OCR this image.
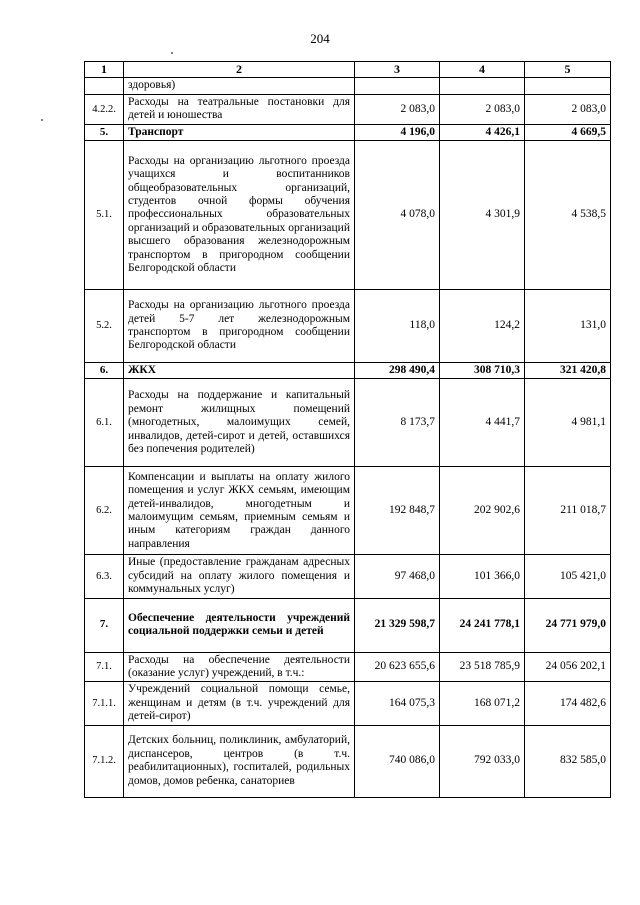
204
1	2	3	4	5
	здоровья)			
4.2.2.	Расходы на театральные постановки для детей и юношества	2 083,0	2 083,0	2 083,0
5.	Транспорт	4 196,0	4 426,1	4 669,5
5.1.	Расходы на организацию льготного проезда учащихся и воспитанников общеобразовательных организаций, студентов очной формы обучения профессиональных образовательных организаций и образовательных организаций высшего образования железнодорожным транспортом в пригородном сообщении Белгородской области	4 078,0	4 301,9	4 538,5
5.2.	Расходы на организацию льготного проезда детей 5-7 лет железнодорожным транспортом в пригородном сообщении Белгородской области	118,0	124,2	131,0
6.	ЖКХ	298 490,4	308 710,3	321 420,8
6.1.	Расходы на поддержание и капитальный ремонт жилищных помещений (многодетных, малоимущих семей, инвалидов, детей-сирот и детей, оставшихся без попечения родителей)	8 173,7	4 441,7	4 981,1
6.2.	Компенсации и выплаты на оплату жилого помещения и услуг ЖКХ семьям, имеющим детей-инвалидов, многодетным и малоимущим семьям, приемным семьям и иным категориям граждан данного направления	192 848,7	202 902,6	211 018,7
6.3.	Иные (предоставление гражданам адресных субсидий на оплату жилого помещения и коммунальных услуг)	97 468,0	101 366,0	105 421,0
7.	Обеспечение деятельности учреждений социальной поддержки семьи и детей	21 329 598,7	24 241 778,1	24 771 979,0
7.1.	Расходы на обеспечение деятельности (оказание услуг) учреждений, в т.ч.:	20 623 655,6	23 518 785,9	24 056 202,1
7.1.1.	Учреждений социальной помощи семье, женщинам и детям (в т.ч. учреждений для детей-сирот)	164 075,3	168 071,2	174 482,6
7.1.2.	Детских больниц, поликлиник, амбулаторий, диспансеров, центров (в т.ч. реабилитационных), госпиталей, родильных домов, домов ребенка, санаториев	740 086,0	792 033,0	832 585,0
